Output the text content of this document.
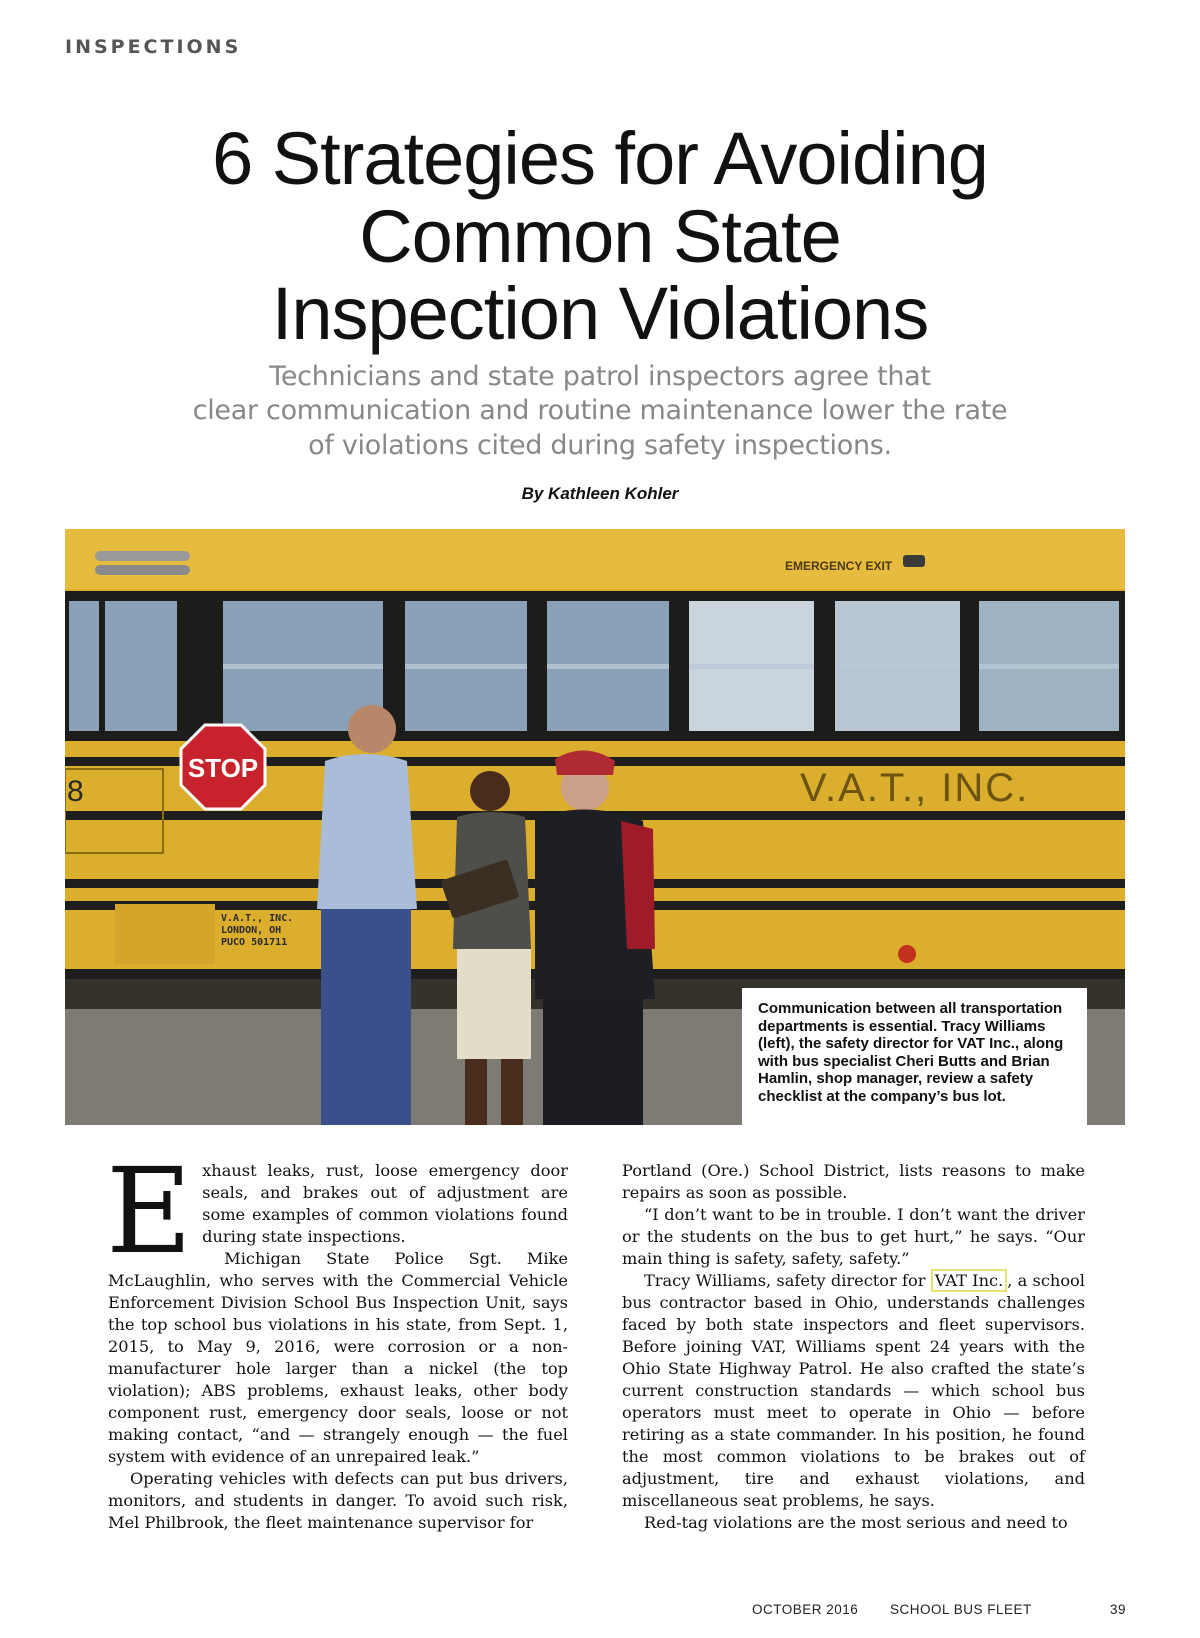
INSPECTIONS
6 Strategies for Avoiding
Common State
Inspection Violations
Technicians and state patrol inspectors agree that
clear communication and routine maintenance lower the rate
of violations cited during safety inspections.
By Kathleen Kohler
EMERGENCY EXIT
8
STOP	V.A.T., INC.
V.A.T., INC.
LONDON, OH
PUCO 501711
Communication between all transportation departments is essential. Tracy Williams (left), the safety director for VAT Inc., along with bus specialist Cheri Butts and Brian Hamlin, shop manager, review a safety checklist at the company’s bus lot.

Exhaust leaks, rust, loose emergency door seals, and brakes out of adjustment are some examples of common violations found during state inspections.

Michigan State Police Sgt. Mike McLaughlin, who serves with the Commercial Vehicle Enforcement Division School Bus Inspection Unit, says the top school bus violations in his state, from Sept. 1, 2015, to May 9, 2016, were corrosion or a non-manufacturer hole larger than a nickel (the top violation); ABS problems, exhaust leaks, other body component rust, emergency door seals, loose or not making contact, “and — strangely enough — the fuel system with evidence of an unrepaired leak.”

Operating vehicles with defects can put bus drivers, monitors, and students in danger. To avoid such risk, Mel Philbrook, the fleet maintenance supervisor for

Portland (Ore.) School District, lists reasons to make repairs as soon as possible.

“I don’t want to be in trouble. I don’t want the driver or the students on the bus to get hurt,” he says. “Our main thing is safety, safety, safety.”

Tracy Williams, safety director for VAT Inc. , a school bus contractor based in Ohio, understands challenges faced by both state inspectors and fleet supervisors. Before joining VAT, Williams spent 24 years with the Ohio State Highway Patrol. He also crafted the state’s current construction standards — which school bus operators must meet to operate in Ohio — before retiring as a state commander. In his position, he found the most common violations to be brakes out of adjustment, tire and exhaust violations, and miscellaneous seat problems, he says.

Red-tag violations are the most serious and need to

OCTOBER 2016 SCHOOL BUS FLEET	39
